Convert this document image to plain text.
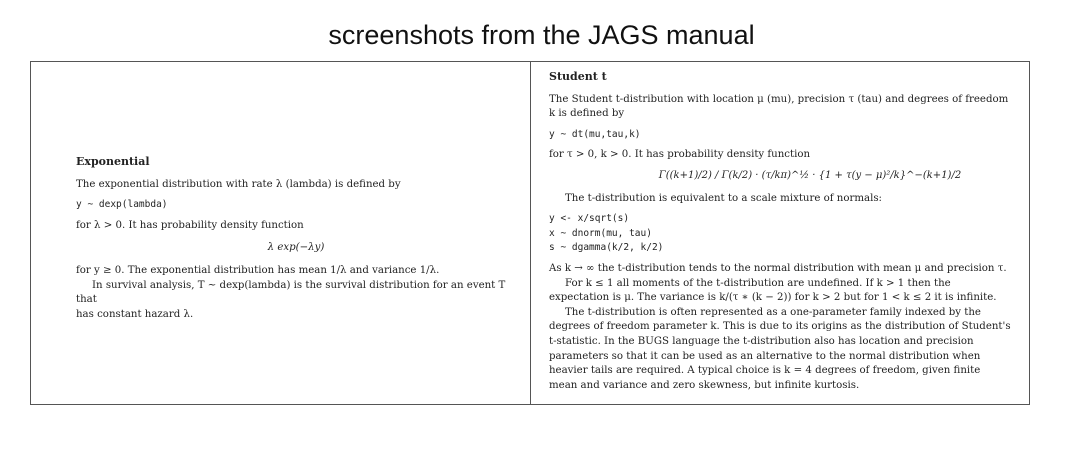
screenshots from the JAGS manual
Exponential

The exponential distribution with rate λ (lambda) is defined by

y ~ dexp(lambda)

for λ > 0. It has probability density function

λ exp(−λy)

for y ≥ 0. The exponential distribution has mean 1/λ and variance 1/λ.

In survival analysis, T ~ dexp(lambda) is the survival distribution for an event T that

has constant hazard λ.

Student t

The Student t-distribution with location μ (mu), precision τ (tau) and degrees of freedom k is defined by

y ~ dt(mu,tau,k)

for τ > 0, k > 0. It has probability density function

Γ((k+1)/2) / Γ(k/2) · (τ/kπ)^½ · {1 + τ(y − μ)²/k}^−(k+1)/2

The t-distribution is equivalent to a scale mixture of normals:

y <- x/sqrt(s)
x ~ dnorm(mu, tau)
s ~ dgamma(k/2, k/2)

As k → ∞ the t-distribution tends to the normal distribution with mean μ and precision τ.

For k ≤ 1 all moments of the t-distribution are undefined. If k > 1 then the expectation is μ. The variance is k/(τ ∗ (k − 2)) for k > 2 but for 1 < k ≤ 2 it is infinite.

The t-distribution is often represented as a one-parameter family indexed by the degrees of freedom parameter k. This is due to its origins as the distribution of Student's t-statistic. In the BUGS language the t-distribution also has location and precision parameters so that it can be used as an alternative to the normal distribution when heavier tails are required. A typical choice is k = 4 degrees of freedom, given finite mean and variance and zero skewness, but infinite kurtosis.
